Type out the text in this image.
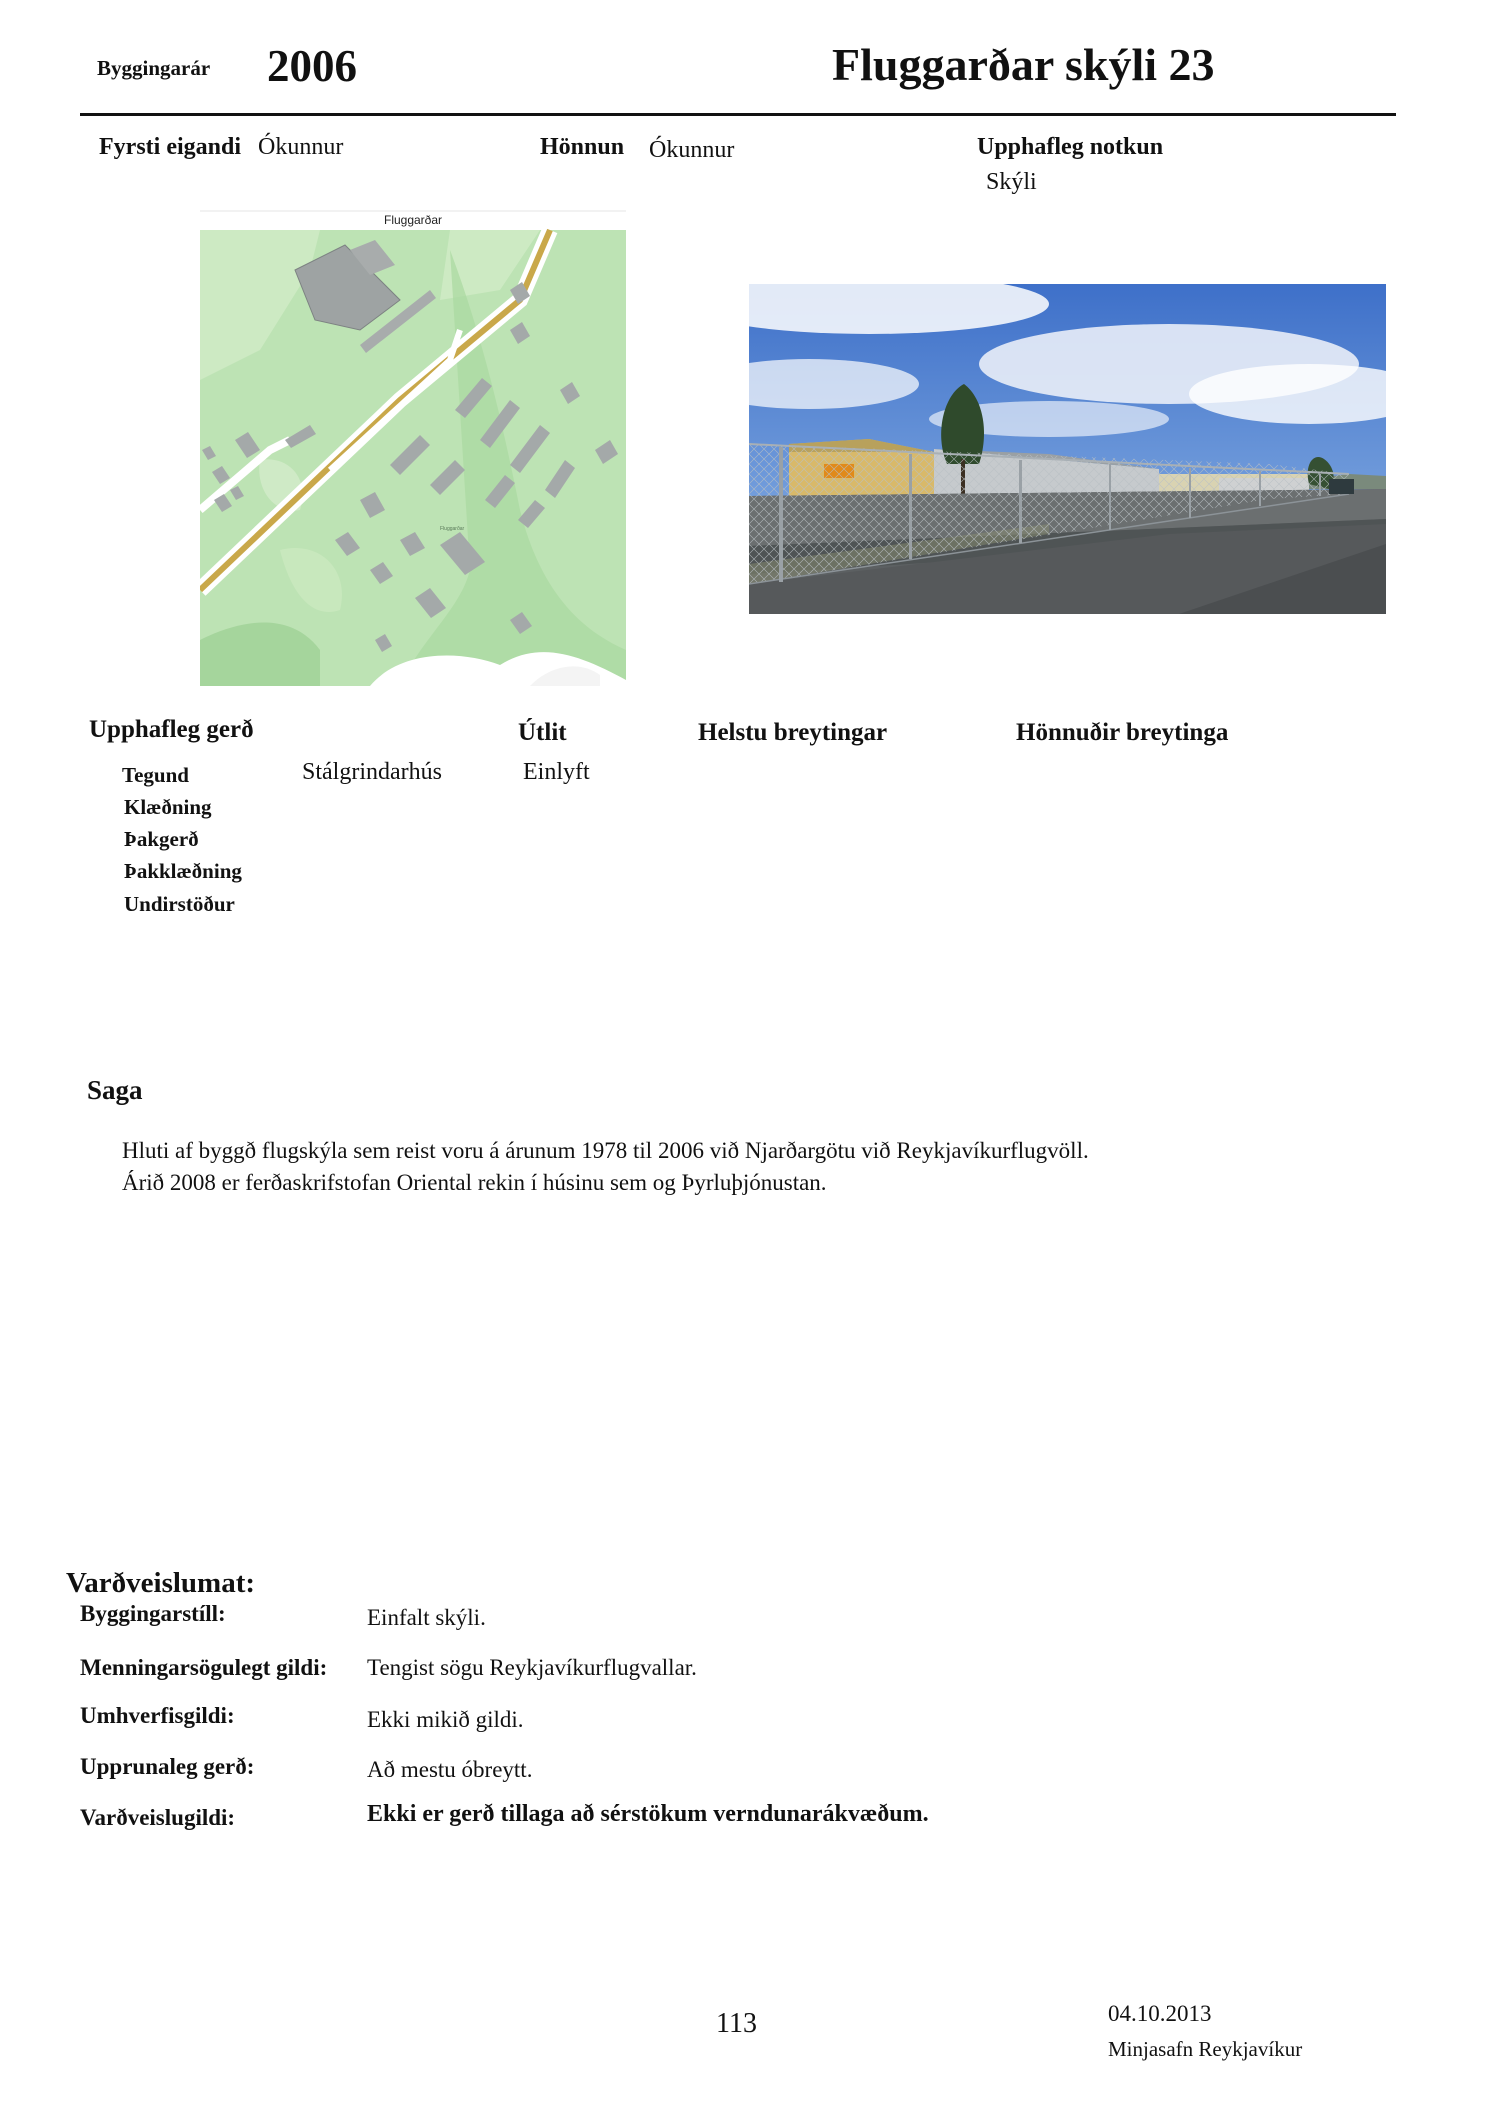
Byggingarár 2006	Fluggarðar skýli 23
Fyrsti eigandi Ókunnur	Hönnun Ókunnur	Upphafleg notkun
Skýli
Fluggarðar
Fluggarðar
Upphafleg gerð	Útlit	Helstu breytingar	Hönnuðir breytinga
Tegund	Stálgrindarhús	Einlyft
Klæðning
Þakgerð
Þakklæðning
Undirstöður
Saga
Hluti af byggð flugskýla sem reist voru á árunum 1978 til 2006 við Njarðargötu við Reykjavíkurflugvöll.
Árið 2008 er ferðaskrifstofan Oriental rekin í húsinu sem og Þyrluþjónustan.
Varðveislumat:
Byggingarstíll:	Einfalt skýli.
Menningarsögulegt gildi: Tengist sögu Reykjavíkurflugvallar.
Umhverfisgildi:	Ekki mikið gildi.
Upprunaleg gerð:	Að mestu óbreytt.
Varðveislugildi:	Ekki er gerð tillaga að sérstökum verndunarákvæðum.
113	04.10.2013
Minjasafn Reykjavíkur
